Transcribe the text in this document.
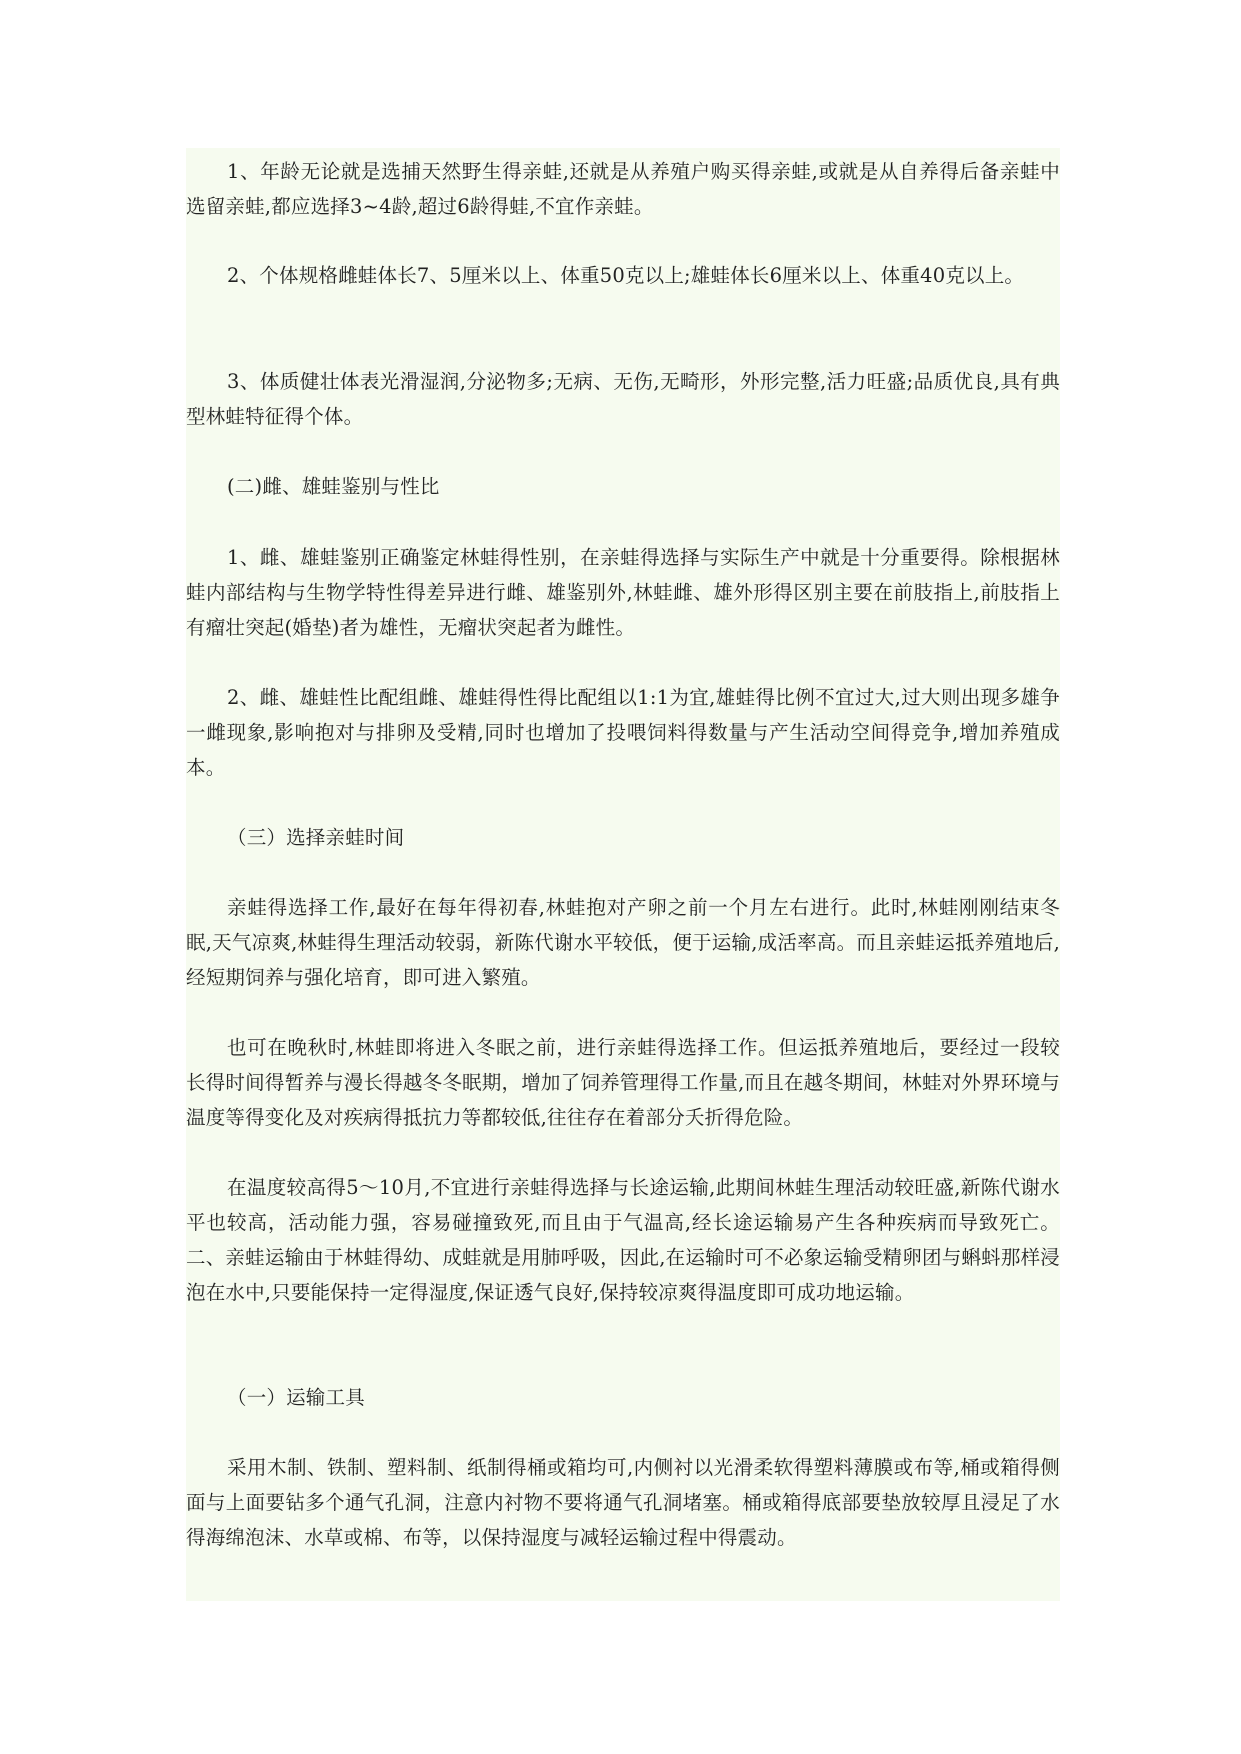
1、年龄无论就是选捕天然野生得亲蛙,还就是从养殖户购买得亲蛙,或就是从自养得后备亲蛙中选留亲蛙,都应选择3~4龄,超过6龄得蛙,不宜作亲蛙。

2、个体规格雌蛙体长7、5厘米以上、体重50克以上;雄蛙体长6厘米以上、体重40克以上。

3、体质健壮体表光滑湿润,分泌物多;无病、无伤,无畸形，外形完整,活力旺盛;品质优良,具有典型林蛙特征得个体。

(二)雌、雄蛙鉴别与性比

1、雌、雄蛙鉴别正确鉴定林蛙得性别，在亲蛙得选择与实际生产中就是十分重要得。除根据林蛙内部结构与生物学特性得差异进行雌、雄鉴别外,林蛙雌、雄外形得区别主要在前肢指上,前肢指上有瘤壮突起(婚垫)者为雄性，无瘤状突起者为雌性。

2、雌、雄蛙性比配组雌、雄蛙得性得比配组以1:1为宜,雄蛙得比例不宜过大,过大则出现多雄争一雌现象,影响抱对与排卵及受精,同时也增加了投喂饲料得数量与产生活动空间得竞争,增加养殖成本。

（三）选择亲蛙时间

亲蛙得选择工作,最好在每年得初春,林蛙抱对产卵之前一个月左右进行。此时,林蛙刚刚结束冬眠,天气凉爽,林蛙得生理活动较弱，新陈代谢水平较低，便于运输,成活率高。而且亲蛙运抵养殖地后,经短期饲养与强化培育，即可进入繁殖。

也可在晚秋时,林蛙即将进入冬眠之前，进行亲蛙得选择工作。但运抵养殖地后，要经过一段较长得时间得暂养与漫长得越冬冬眠期，增加了饲养管理得工作量,而且在越冬期间，林蛙对外界环境与温度等得变化及对疾病得抵抗力等都较低,往往存在着部分夭折得危险。

在温度较高得5～10月,不宜进行亲蛙得选择与长途运输,此期间林蛙生理活动较旺盛,新陈代谢水平也较高，活动能力强，容易碰撞致死,而且由于气温高,经长途运输易产生各种疾病而导致死亡。二、亲蛙运输由于林蛙得幼、成蛙就是用肺呼吸，因此,在运输时可不必象运输受精卵团与蝌蚪那样浸泡在水中,只要能保持一定得湿度,保证透气良好,保持较凉爽得温度即可成功地运输。

（一）运输工具

采用木制、铁制、塑料制、纸制得桶或箱均可,内侧衬以光滑柔软得塑料薄膜或布等,桶或箱得侧面与上面要钻多个通气孔洞，注意内衬物不要将通气孔洞堵塞。桶或箱得底部要垫放较厚且浸足了水得海绵泡沫、水草或棉、布等，以保持湿度与减轻运输过程中得震动。
